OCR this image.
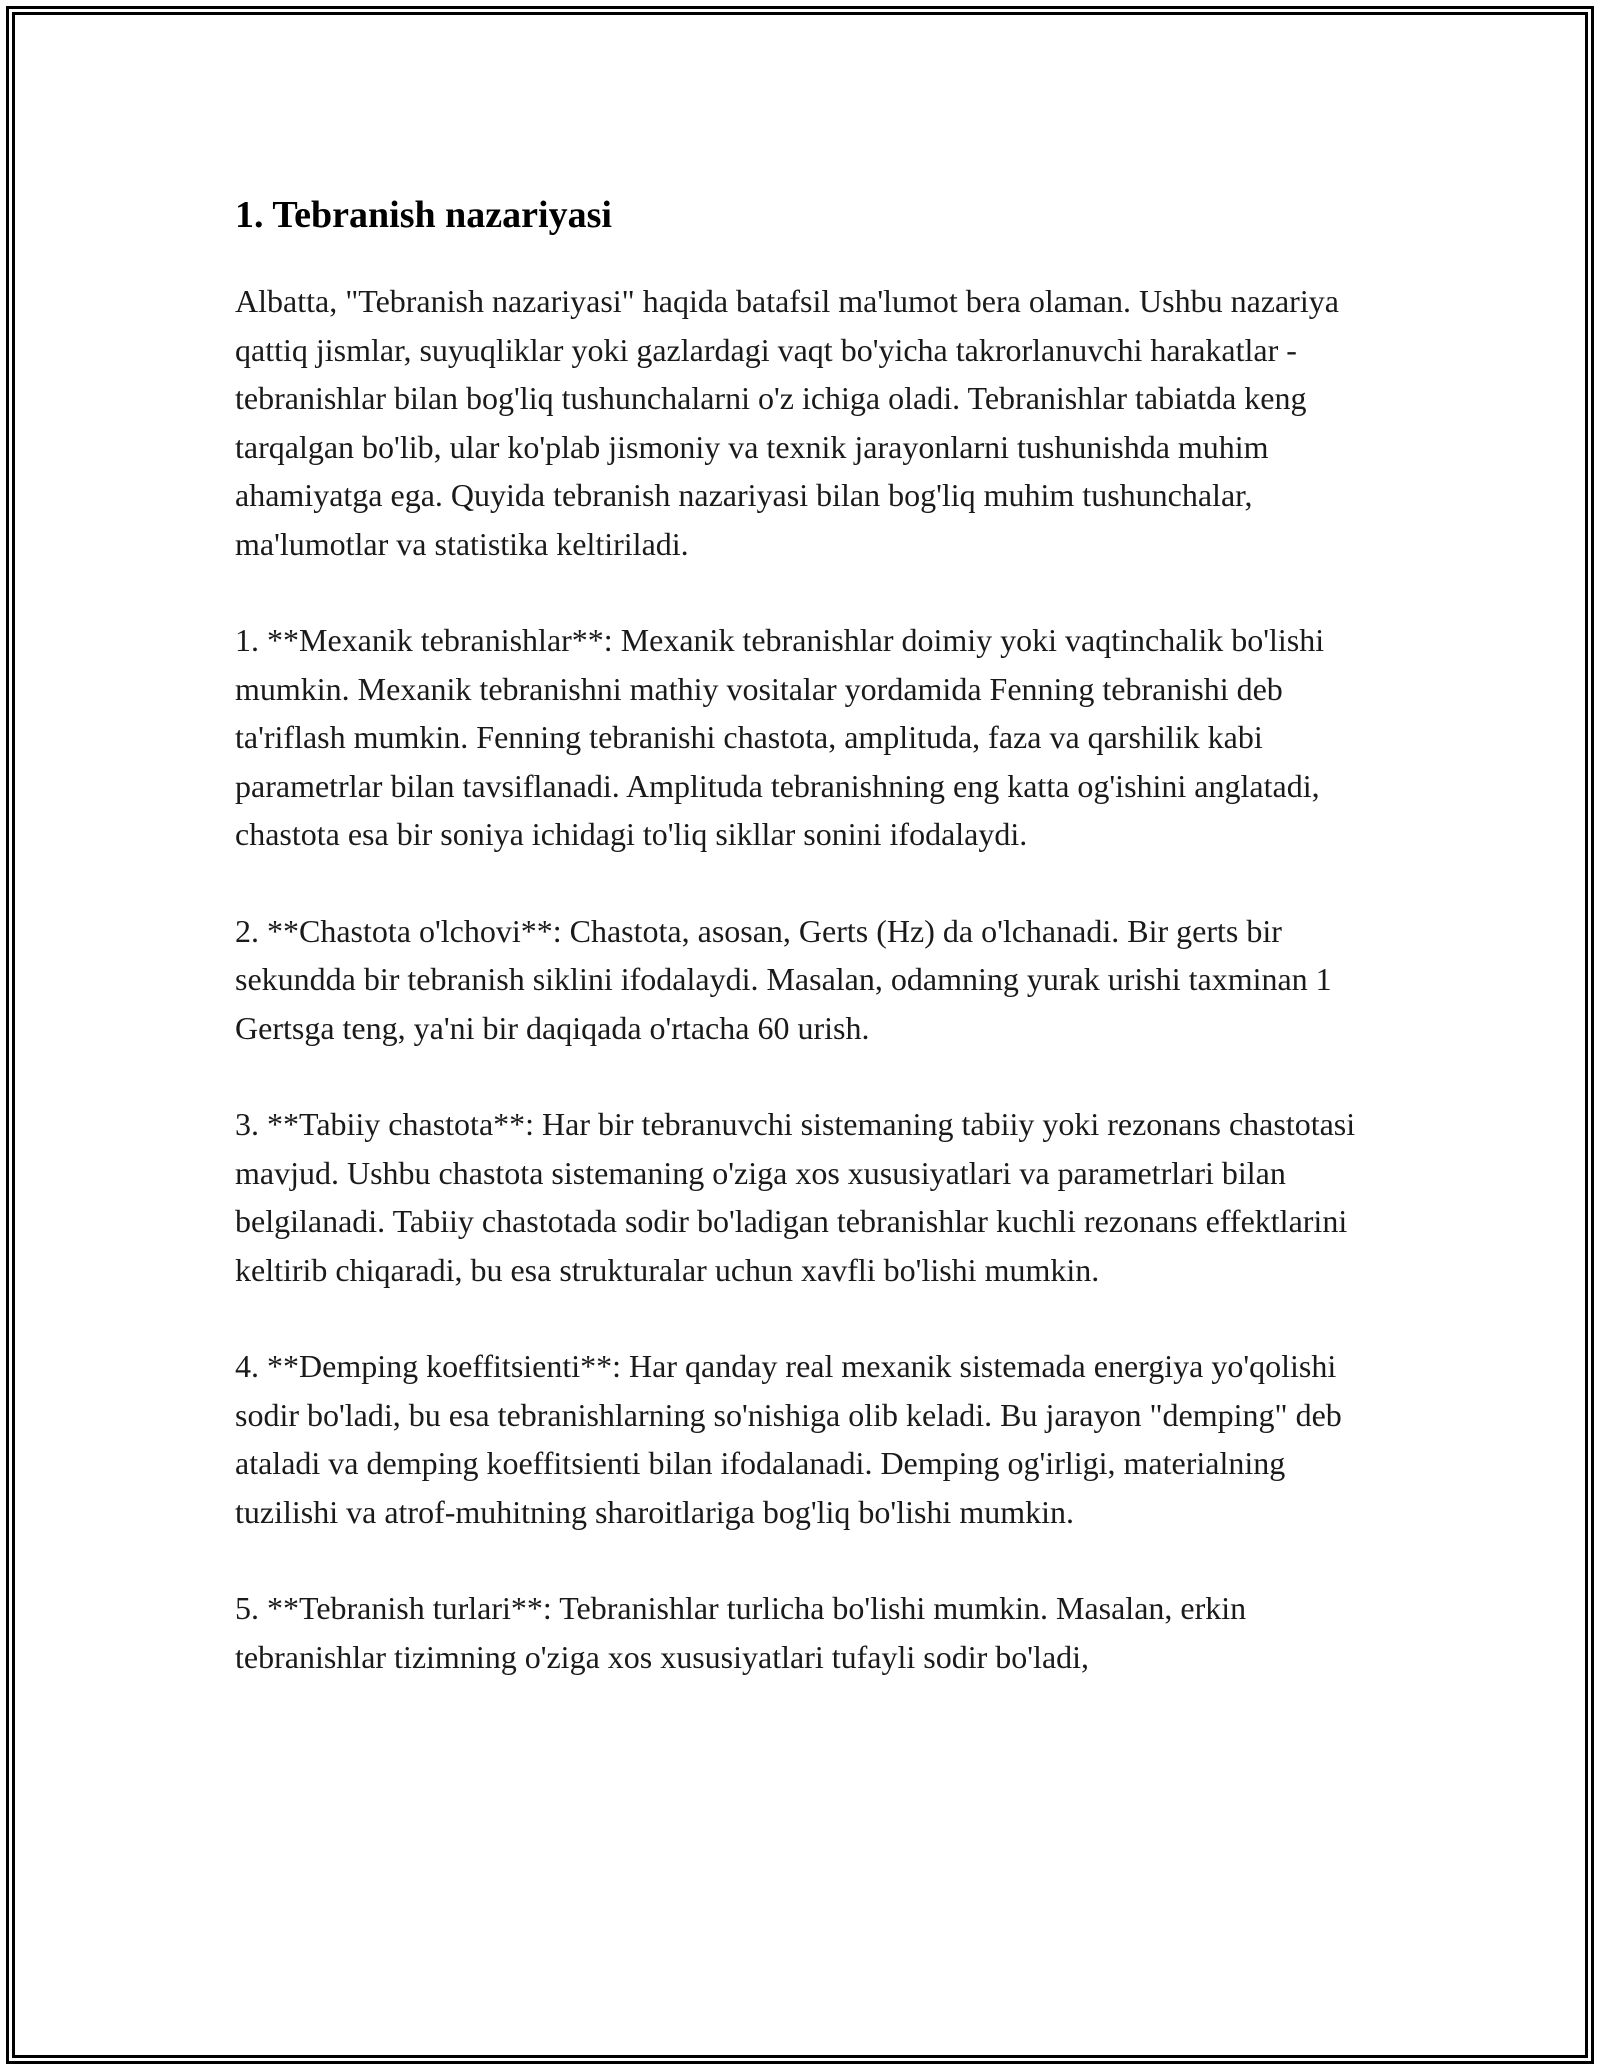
1. Tebranish nazariyasi

Albatta, "Tebranish nazariyasi" haqida batafsil ma'lumot bera olaman. Ushbu nazariya qattiq jismlar, suyuqliklar yoki gazlardagi vaqt bo'yicha takrorlanuvchi harakatlar - tebranishlar bilan bog'liq tushunchalarni o'z ichiga oladi. Tebranishlar tabiatda keng tarqalgan bo'lib, ular ko'plab jismoniy va texnik jarayonlarni tushunishda muhim ahamiyatga ega. Quyida tebranish nazariyasi bilan bog'liq muhim tushunchalar, ma'lumotlar va statistika keltiriladi.

1. **Mexanik tebranishlar**: Mexanik tebranishlar doimiy yoki vaqtinchalik bo'lishi mumkin. Mexanik tebranishni mathiy vositalar yordamida Fenning tebranishi deb ta'riflash mumkin. Fenning tebranishi chastota, amplituda, faza va qarshilik kabi parametrlar bilan tavsiflanadi. Amplituda tebranishning eng katta og'ishini anglatadi, chastota esa bir soniya ichidagi to'liq sikllar sonini ifodalaydi.

2. **Chastota o'lchovi**: Chastota, asosan, Gerts (Hz) da o'lchanadi. Bir gerts bir sekundda bir tebranish siklini ifodalaydi. Masalan, odamning yurak urishi taxminan 1 Gertsga teng, ya'ni bir daqiqada o'rtacha 60 urish.

3. **Tabiiy chastota**: Har bir tebranuvchi sistemaning tabiiy yoki rezonans chastotasi mavjud. Ushbu chastota sistemaning o'ziga xos xususiyatlari va parametrlari bilan belgilanadi. Tabiiy chastotada sodir bo'ladigan tebranishlar kuchli rezonans effektlarini keltirib chiqaradi, bu esa strukturalar uchun xavfli bo'lishi mumkin.

4. **Demping koeffitsienti**: Har qanday real mexanik sistemada energiya yo'qolishi sodir bo'ladi, bu esa tebranishlarning so'nishiga olib keladi. Bu jarayon "demping" deb ataladi va demping koeffitsienti bilan ifodalanadi. Demping og'irligi, materialning tuzilishi va atrof-muhitning sharoitlariga bog'liq bo'lishi mumkin.

5. **Tebranish turlari**: Tebranishlar turlicha bo'lishi mumkin. Masalan, erkin tebranishlar tizimning o'ziga xos xususiyatlari tufayli sodir bo'ladi,
